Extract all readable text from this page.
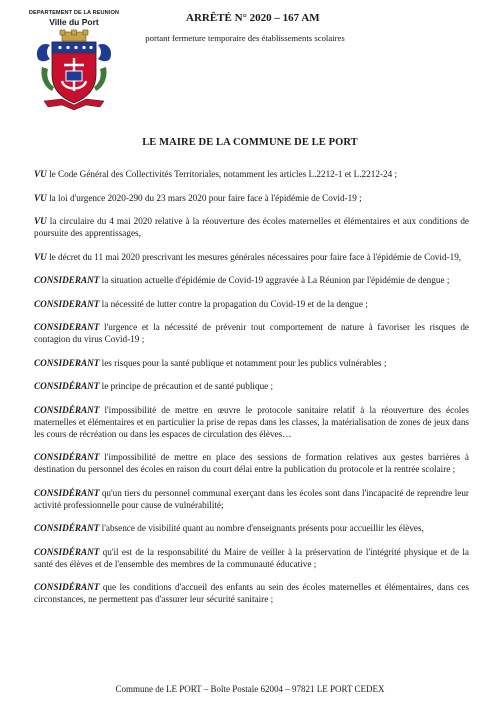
DEPARTEMENT DE LA REUNION
Ville du Port	ARRÊTÉ N° 2020 – 167 AM
portant fermeture temporaire des établissements scolaires
LE MAIRE DE LA COMMUNE DE LE PORT

VU le Code Général des Collectivités Territoriales, notamment les articles L.2212-1 et L.2212-24 ;

VU la loi d'urgence 2020-290 du 23 mars 2020 pour faire face à l'épidémie de Covid-19 ;

VU la circulaire du 4 mai 2020 relative à la réouverture des écoles maternelles et élémentaires et aux conditions de poursuite des apprentissages,

VU le décret du 11 mai 2020 prescrivant les mesures générales nécessaires pour faire face à l'épidémie de Covid-19,

CONSIDERANT la situation actuelle d'épidémie de Covid-19 aggravée à La Réunion par l'épidémie de dengue ;

CONSIDERANT la nécessité de lutter contre la propagation du Covid-19 et de la dengue ;

CONSIDERANT l'urgence et la nécessité de prévenir tout comportement de nature à favoriser les risques de contagion du virus Covid-19 ;

CONSIDERANT les risques pour la santé publique et notamment pour les publics vulnérables ;

CONSIDÉRANT le principe de précaution et de santé publique ;

CONSIDÉRANT l'impossibilité de mettre en œuvre le protocole sanitaire relatif à la réouverture des écoles maternelles et élémentaires et en particulier la prise de repas dans les classes, la matérialisation de zones de jeux dans les cours de récréation ou dans les espaces de circulation des élèves…

CONSIDÉRANT l'impossibilité de mettre en place des sessions de formation relatives aux gestes barrières à destination du personnel des écoles en raison du court délai entre la publication du protocole et la rentrée scolaire ;

CONSIDÉRANT qu'un tiers du personnel communal exerçant dans les écoles sont dans l'incapacité de reprendre leur activité professionnelle pour cause de vulnérabilité;

CONSIDÉRANT l'absence de visibilité quant au nombre d'enseignants présents pour accueillir les élèves,

CONSIDÉRANT qu'il est de la responsabilité du Maire de veiller à la préservation de l'intégrité physique et de la santé des élèves et de l'ensemble des membres de la communauté éducative ;

CONSIDÉRANT que les conditions d'accueil des enfants au sein des écoles maternelles et élémentaires, dans ces circonstances, ne permettent pas d'assurer leur sécurité sanitaire ;

Commune de LE PORT – Boîte Postale 62004 – 97821 LE PORT CEDEX
